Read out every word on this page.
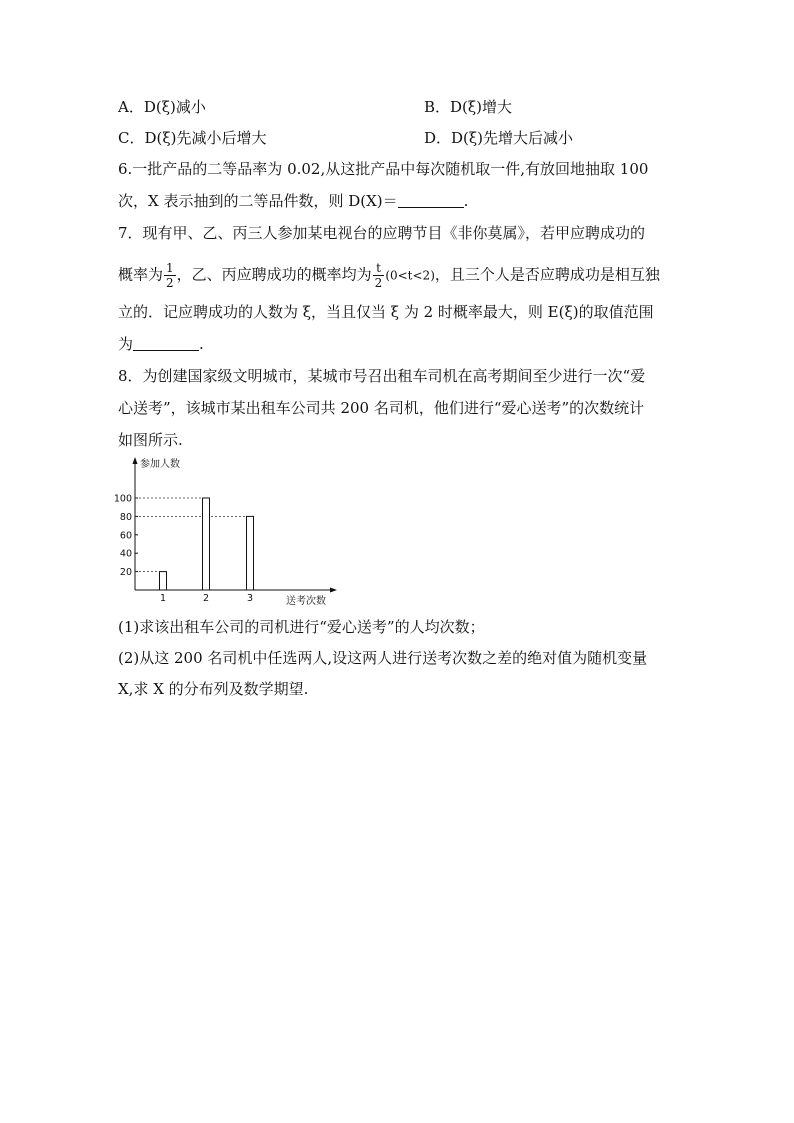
A．D(ξ)减小	B．D(ξ)增大
C．D(ξ)先减小后增大	D．D(ξ)先增大后减小
6.一批产品的二等品率为 0.02,从这批产品中每次随机取一件,有放回地抽取 100
次，X 表示抽到的二等品件数，则 D(X)＝	.
7．现有甲、乙、丙三人参加某电视台的应聘节目《非你莫属》，若甲应聘成功的
概率为 $\frac{1}{2}$ ，乙、丙应聘成功的概率均为 $\frac{t}{2} (0<t<2)$，且三个人是否应聘成功是相互独
立的．记应聘成功的人数为 ξ，当且仅当 ξ 为 2 时概率最大，则 E(ξ)的取值范围
为	.
8．为创建国家级文明城市，某城市号召出租车司机在高考期间至少进行一次“爱
心送考”，该城市某出租车公司共 200 名司机，他们进行“爱心送考”的次数统计
如图所示.
参加人数
送考次数
20
40
60
80
100
1	2	3
(1)求该出租车公司的司机进行“爱心送考”的人均次数；
(2)从这 200 名司机中任选两人,设这两人进行送考次数之差的绝对值为随机变量
X,求 X 的分布列及数学期望.
